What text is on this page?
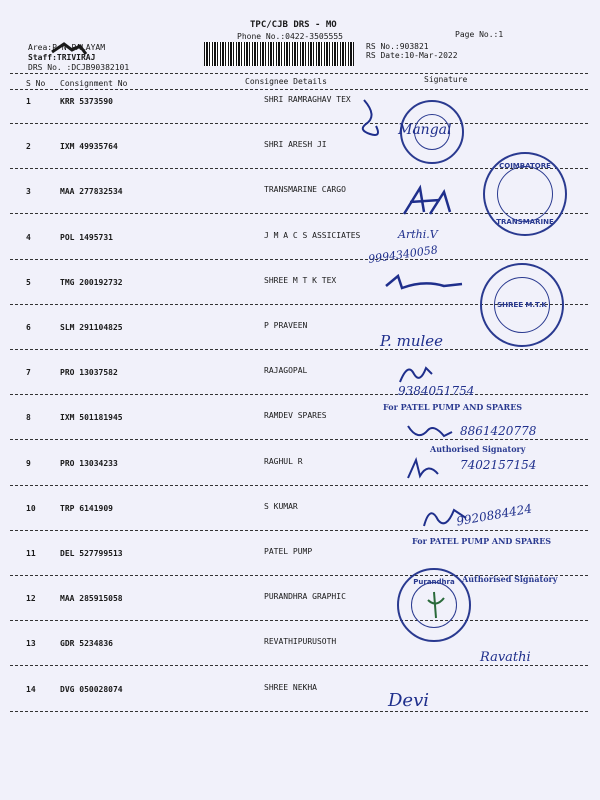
TPC/CJB DRS - MO
Phone No.:0422-3505555	Page No.:1
Area:P N PALAYAM
Staff:TRIVIRAJ
DRS No. :DCJB90382101
RS No.:903821
RS Date:10-Mar-2022
S No Consignment No	Consignee Details	Signature
1	KRR 5373590	SHRI RAMRAGHAV TEX
2	IXM 49935764	SHRI ARESH JI
3	MAA 277832534	TRANSMARINE CARGO
4	POL 1495731	J M A C S ASSICIATES
5	TMG 200192732	SHREE M T K TEX
6	SLM 291104825	P PRAVEEN
7	PRO 13037582	RAJAGOPAL
8	IXM 501181945	RAMDEV SPARES
9	PRO 13034233	RAGHUL R
10	TRP 6141909	S KUMAR
11	DEL 527799513	PATEL PUMP
12	MAA 285915058	PURANDHRA GRAPHIC
13	GDR 5234836	REVATHIPURUSOTH
14	DVG 050028074	SHREE NEKHA
COIMBATORE
TRANSMARINE
SHREE M.T.K
Purandhra
For PATEL PUMP AND SPARES
Authorised Signatory
For PATEL PUMP AND SPARES
Authorised Signatory
Mangal
Arthi.V
9994340058
P. mulee
9384051754
8861420778
7402157154
9920884424
Ravathi
Devi
